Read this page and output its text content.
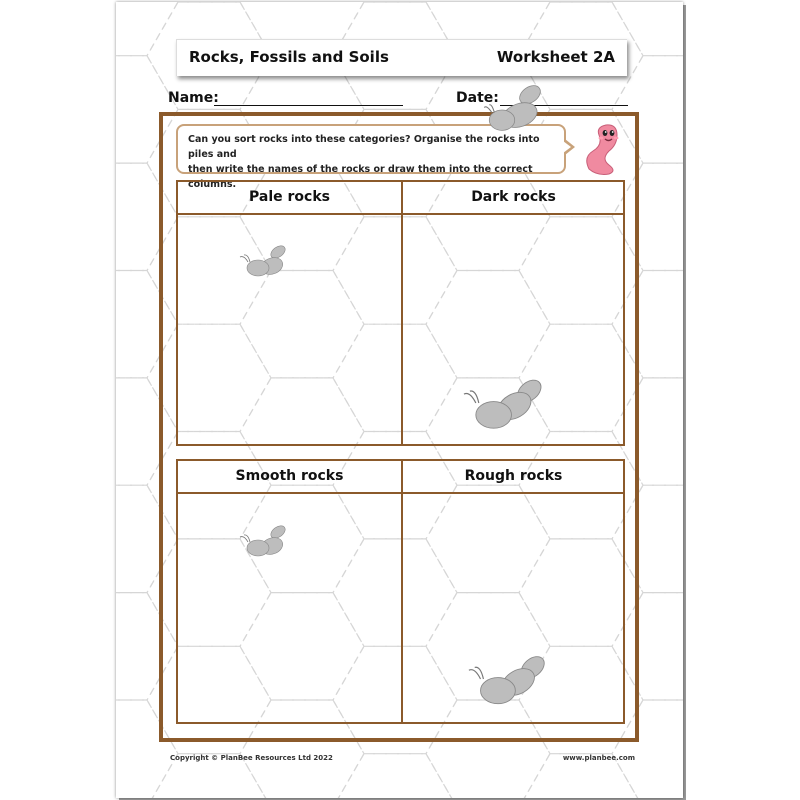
Rocks, Fossils and Soils	Worksheet 2A
Name:	Date:
Can you sort rocks into these categories? Organise the rocks into piles and
then write the names of the rocks or draw them into the correct columns.
Pale rocks	Dark rocks
Smooth rocks	Rough rocks
Copyright © PlanBee Resources Ltd 2022	www.planbee.com
